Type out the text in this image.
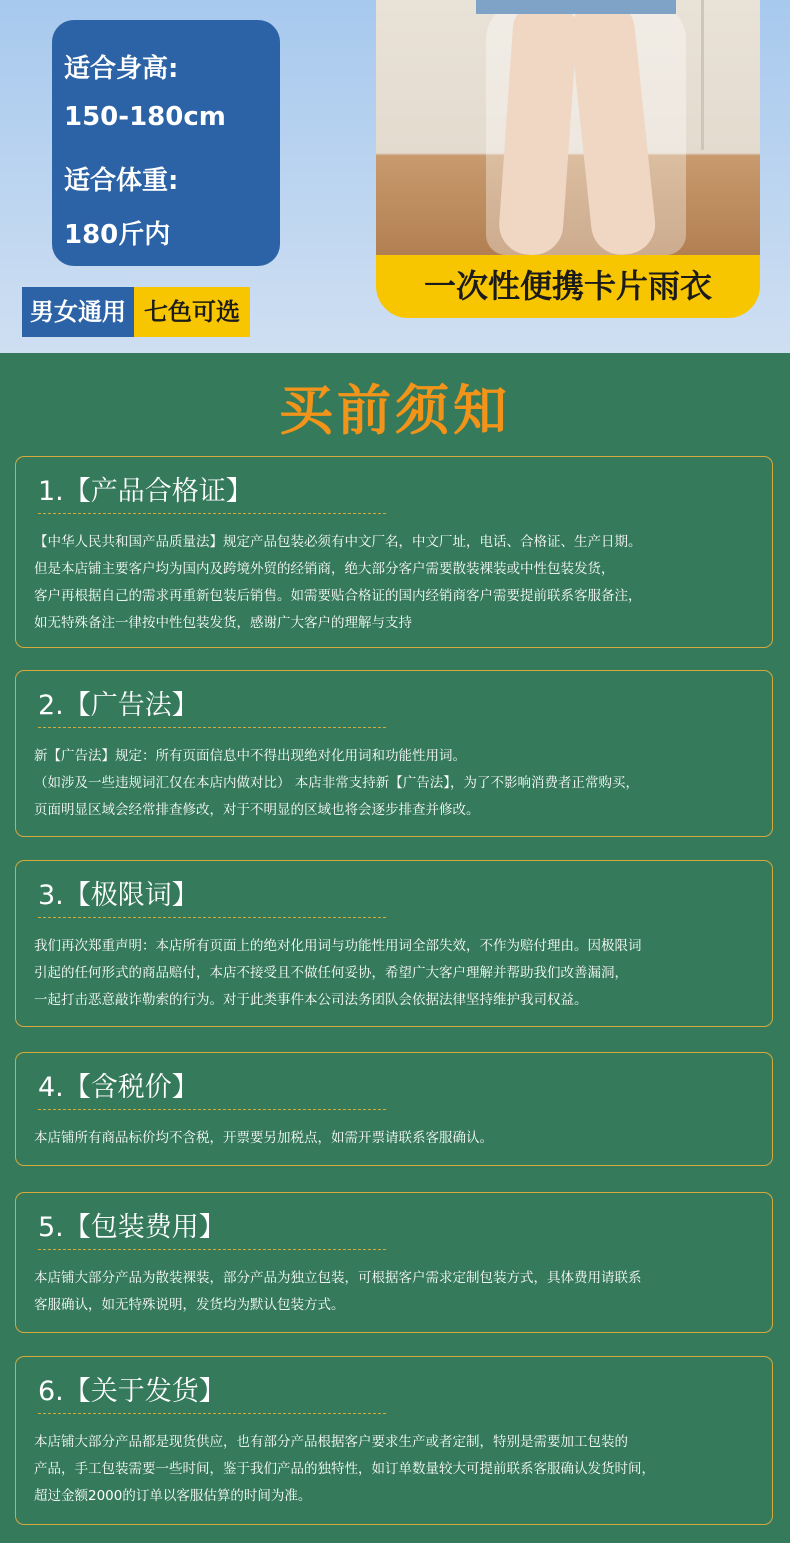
适合身高:
150-180cm
适合体重:
180斤内
男女通用 七色可选
一次性便携卡片雨衣
买前须知
1.【产品合格证】

【中华人民共和国产品质量法】规定产品包装必须有中文厂名，中文厂址，电话、合格证、生产日期。

但是本店铺主要客户均为国内及跨境外贸的经销商，绝大部分客户需要散装裸装或中性包装发货，

客户再根据自己的需求再重新包装后销售。如需要贴合格证的国内经销商客户需要提前联系客服备注，

如无特殊备注一律按中性包装发货，感谢广大客户的理解与支持

2.【广告法】

新【广告法】规定：所有页面信息中不得出现绝对化用词和功能性用词。

（如涉及一些违规词汇仅在本店内做对比） 本店非常支持新【广告法】，为了不影响消费者正常购买，

页面明显区域会经常排查修改，对于不明显的区域也将会逐步排查并修改。

3.【极限词】

我们再次郑重声明：本店所有页面上的绝对化用词与功能性用词全部失效，不作为赔付理由。因极限词

引起的任何形式的商品赔付，本店不接受且不做任何妥协，希望广大客户理解并帮助我们改善漏洞，

一起打击恶意敲诈勒索的行为。对于此类事件本公司法务团队会依据法律坚持维护我司权益。

4.【含税价】

本店铺所有商品标价均不含税，开票要另加税点，如需开票请联系客服确认。

5.【包装费用】

本店铺大部分产品为散装裸装，部分产品为独立包装，可根据客户需求定制包装方式，具体费用请联系

客服确认，如无特殊说明，发货均为默认包装方式。

6.【关于发货】

本店铺大部分产品都是现货供应，也有部分产品根据客户要求生产或者定制，特别是需要加工包装的

产品，手工包装需要一些时间，鉴于我们产品的独特性，如订单数量较大可提前联系客服确认发货时间，

超过金额2000的订单以客服估算的时间为准。
